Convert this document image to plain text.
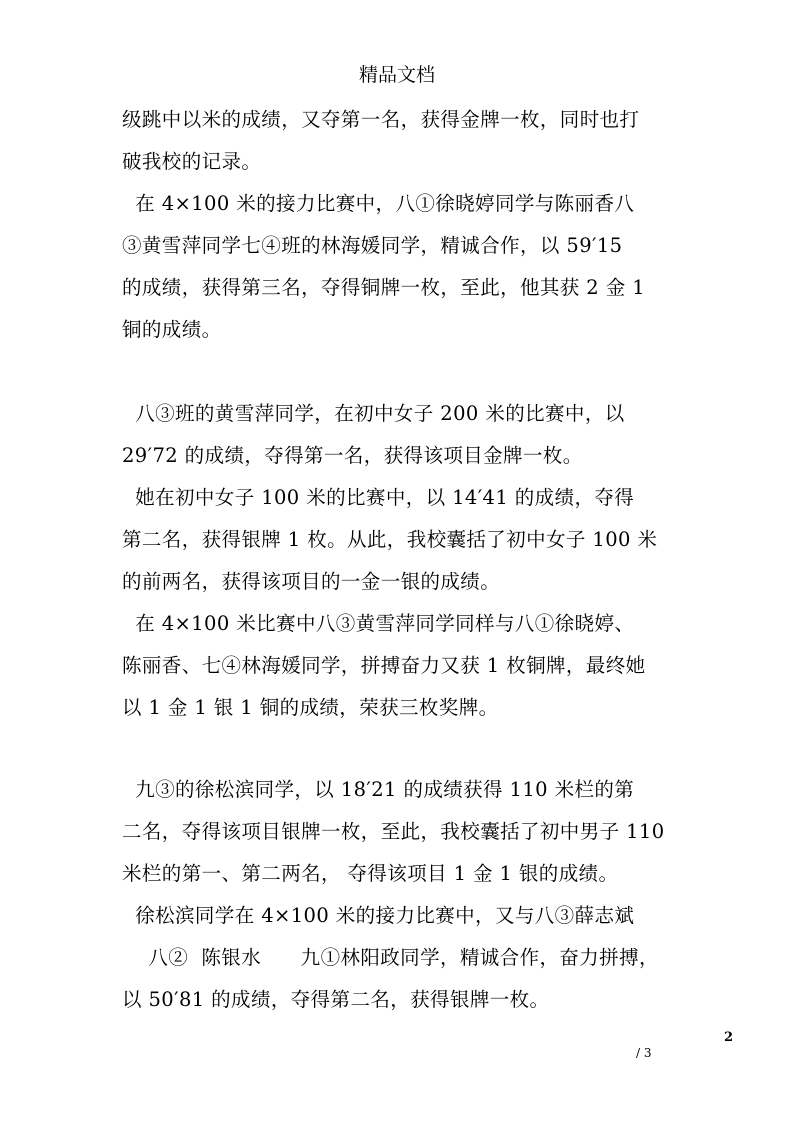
精品文档
级跳中以米的成绩，又夺第一名，获得金牌一枚，同时也打
破我校的记录。
在 4×100 米的接力比赛中，八①徐晓婷同学与陈丽香八
③黄雪萍同学七④班的林海媛同学，精诚合作，以 59′15
的成绩，获得第三名，夺得铜牌一枚，至此，他其获 2 金 1
铜的成绩。
八③班的黄雪萍同学，在初中女子 200 米的比赛中，以
29′72 的成绩，夺得第一名，获得该项目金牌一枚。
她在初中女子 100 米的比赛中，以 14′41 的成绩，夺得
第二名，获得银牌 1 枚。从此，我校囊括了初中女子 100 米
的前两名，获得该项目的一金一银的成绩。
在 4×100 米比赛中八③黄雪萍同学同样与八①徐晓婷、
陈丽香、七④林海媛同学，拼搏奋力又获 1 枚铜牌，最终她
以 1 金 1 银 1 铜的成绩，荣获三枚奖牌。
九③的徐松滨同学，以 18′21 的成绩获得 110 米栏的第
二名，夺得该项目银牌一枚，至此，我校囊括了初中男子 110
米栏的第一、第二两名， 夺得该项目 1 金 1 银的成绩。
徐松滨同学在 4×100 米的接力比赛中，又与八③薛志斌
八②  陈银水      九①林阳政同学，精诚合作，奋力拼搏，
以 50′81 的成绩，夺得第二名，获得银牌一枚。
2
/ 3
